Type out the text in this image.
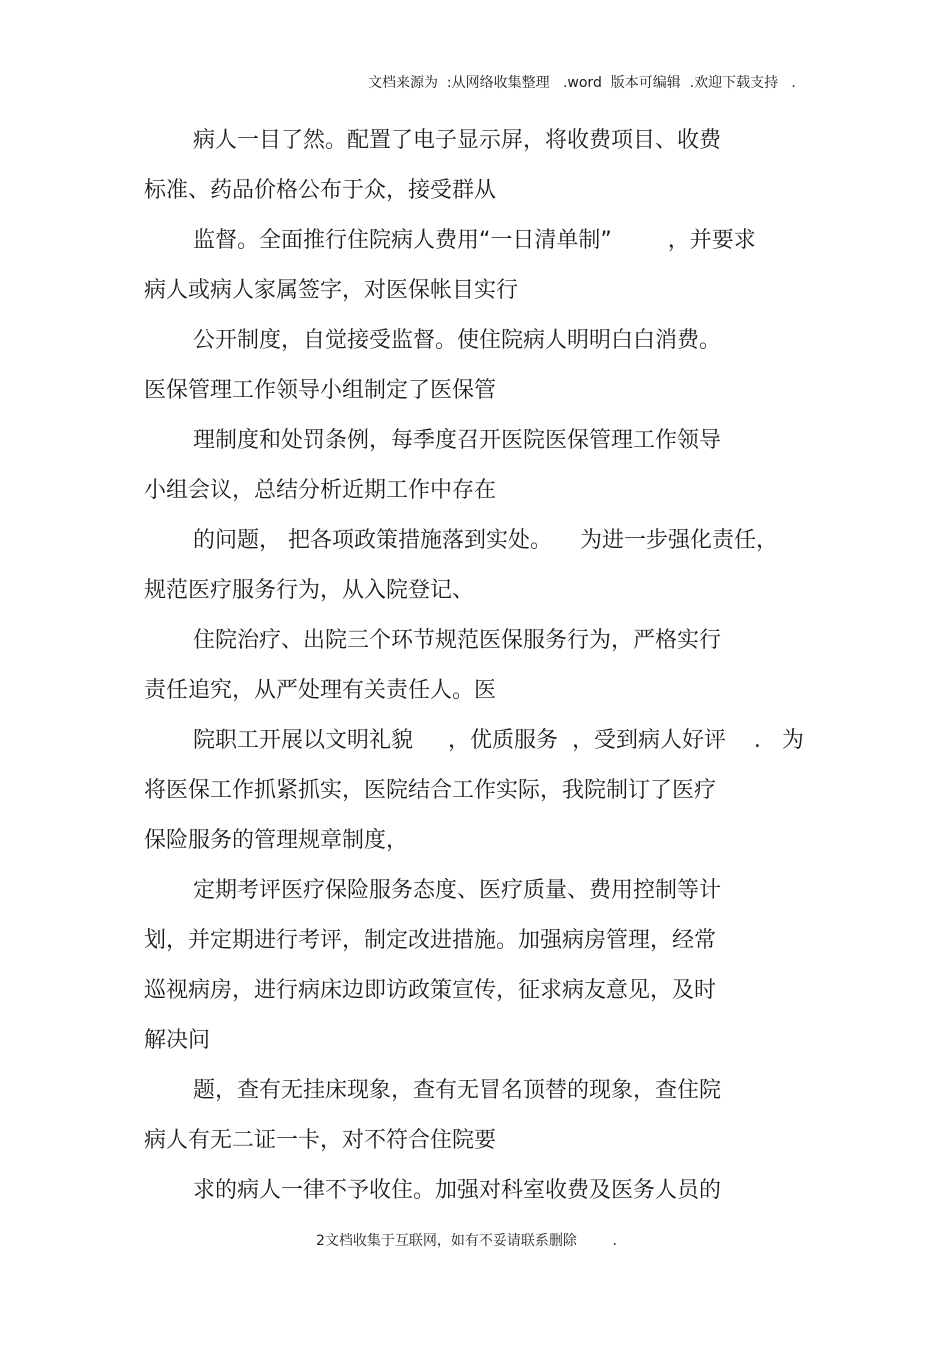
文档来源为  :从网络收集整理   .word  版本可编辑  .欢迎下载支持   .
病人一目了然。配置了电子显示屏，将收费项目、收费
标准、药品价格公布于众，接受群从
监督。全面推行住院病人费用“一日清单制”        ，并要求
病人或病人家属签字，对医保帐目实行
公开制度，自觉接受监督。使住院病人明明白白消费。
医保管理工作领导小组制定了医保管
理制度和处罚条例，每季度召开医院医保管理工作领导
小组会议，总结分析近期工作中存在
的问题， 把各项政策措施落到实处。    为进一步强化责任，
规范医疗服务行为，从入院登记、
住院治疗、出院三个环节规范医保服务行为，严格实行
责任追究，从严处理有关责任人。医
院职工开展以文明礼貌     ，优质服务  ，受到病人好评    .   为
将医保工作抓紧抓实，医院结合工作实际，我院制订了医疗
保险服务的管理规章制度，
定期考评医疗保险服务态度、医疗质量、费用控制等计
划，并定期进行考评，制定改进措施。加强病房管理，经常
巡视病房，进行病床边即访政策宣传，征求病友意见，及时
解决问
题，查有无挂床现象，查有无冒名顶替的现象，查住院
病人有无二证一卡，对不符合住院要
求的病人一律不予收住。加强对科室收费及医务人员的
2文档收集于互联网，如有不妥请联系删除        .
